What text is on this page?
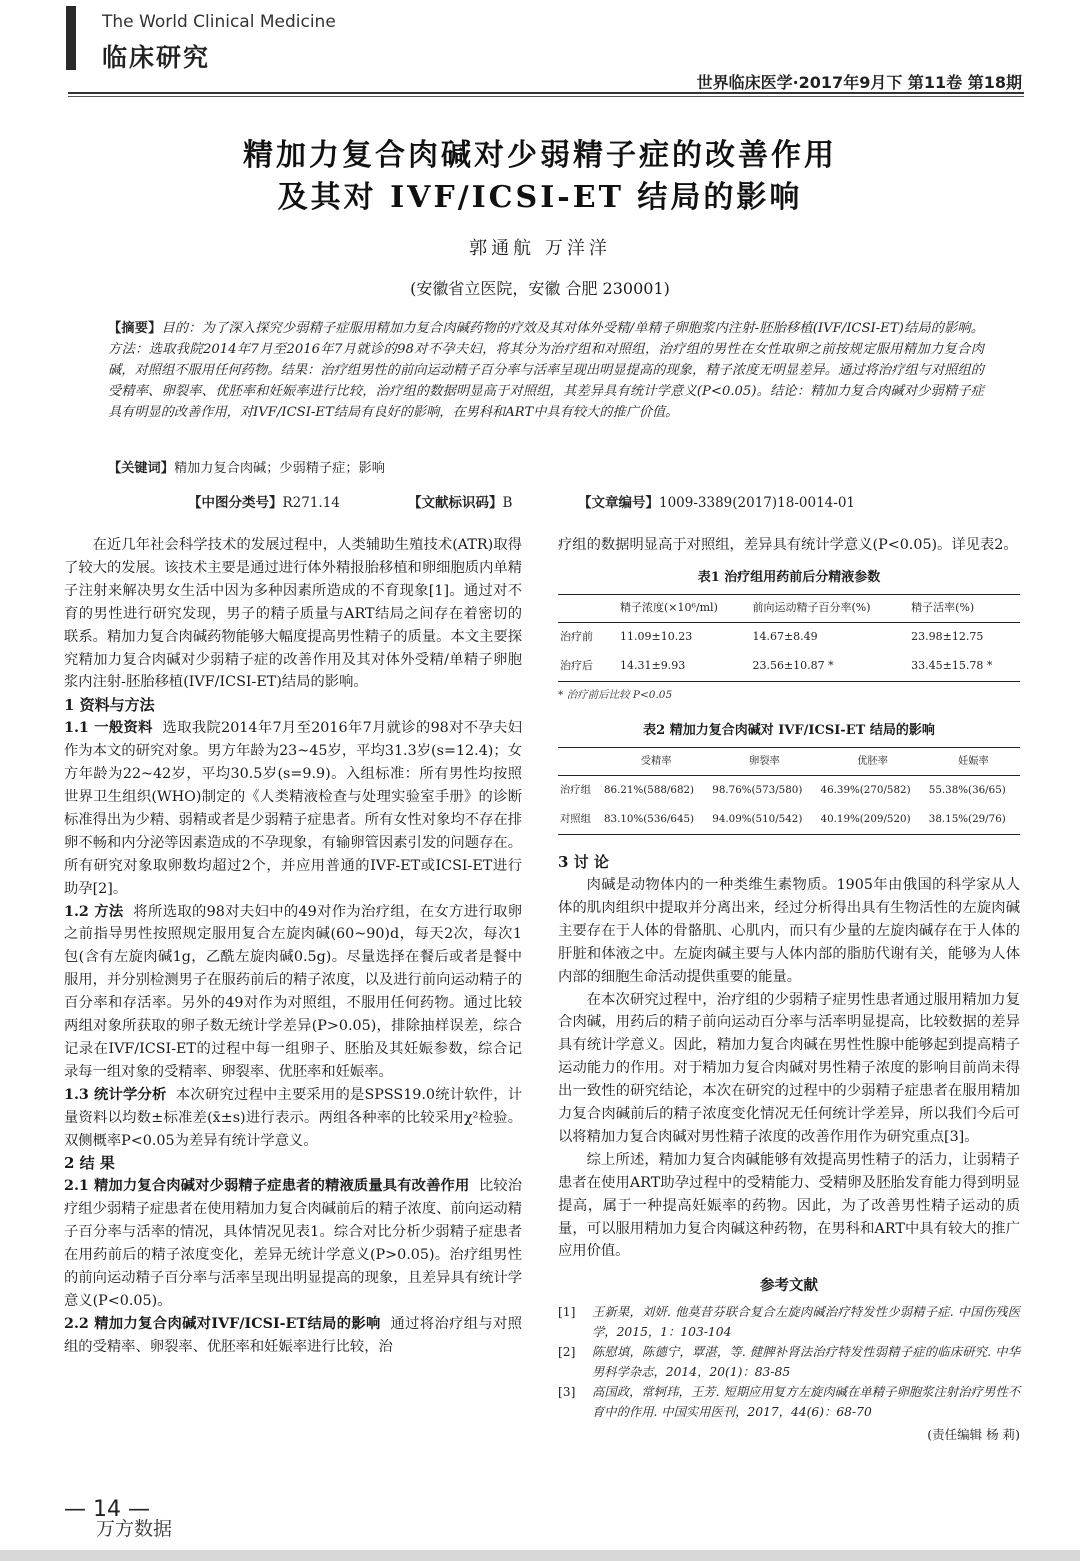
The World Clinical Medicine
临床研究
世界临床医学·2017年9月下 第11卷 第18期
精加力复合肉碱对少弱精子症的改善作用
及其对 IVF/ICSI-ET 结局的影响
郭通航 万洋洋
(安徽省立医院，安徽 合肥 230001)
【摘要】目的：为了深入探究少弱精子症服用精加力复合肉碱药物的疗效及其对体外受精/单精子卵胞浆内注射-胚胎移植(IVF/ICSI-ET)结局的影响。方法：选取我院2014年7月至2016年7月就诊的98对不孕夫妇，将其分为治疗组和对照组，治疗组的男性在女性取卵之前按规定服用精加力复合肉碱，对照组不服用任何药物。结果：治疗组男性的前向运动精子百分率与活率呈现出明显提高的现象，精子浓度无明显差异。通过将治疗组与对照组的受精率、卵裂率、优胚率和妊娠率进行比较，治疗组的数据明显高于对照组，其差异具有统计学意义(P<0.05)。结论：精加力复合肉碱对少弱精子症具有明显的改善作用，对IVF/ICSI-ET结局有良好的影响，在男科和ART中具有较大的推广价值。
【关键词】精加力复合肉碱；少弱精子症；影响
【中图分类号】R271.14	【文献标识码】B	【文章编号】1009-3389(2017)18-0014-01

在近几年社会科学技术的发展过程中，人类辅助生殖技术(ATR)取得了较大的发展。该技术主要是通过进行体外精报胎移植和卵细胞质内单精子注射来解决男女生活中因为多种因素所造成的不育现象[1]。通过对不育的男性进行研究发现，男子的精子质量与ART结局之间存在着密切的联系。精加力复合肉碱药物能够大幅度提高男性精子的质量。本文主要探究精加力复合肉碱对少弱精子症的改善作用及其对体外受精/单精子卵胞浆内注射-胚胎移植(IVF/ICSI-ET)结局的影响。

1 资料与方法

1.1 一般资料 选取我院2014年7月至2016年7月就诊的98对不孕夫妇作为本文的研究对象。男方年龄为23~45岁，平均31.3岁(s=12.4)；女方年龄为22~42岁，平均30.5岁(s=9.9)。入组标准：所有男性均按照世界卫生组织(WHO)制定的《人类精液检查与处理实验室手册》的诊断标准得出为少精、弱精或者是少弱精子症患者。所有女性对象均不存在排卵不畅和内分泌等因素造成的不孕现象，有输卵管因素引发的问题存在。所有研究对象取卵数均超过2个，并应用普通的IVF-ET或ICSI-ET进行助孕[2]。

1.2 方法 将所选取的98对夫妇中的49对作为治疗组，在女方进行取卵之前指导男性按照规定服用复合左旋肉碱(60~90)d，每天2次，每次1包(含有左旋肉碱1g，乙酰左旋肉碱0.5g)。尽量选择在餐后或者是餐中服用，并分别检测男子在服药前后的精子浓度，以及进行前向运动精子的百分率和存活率。另外的49对作为对照组，不服用任何药物。通过比较两组对象所获取的卵子数无统计学差异(P>0.05)，排除抽样误差，综合记录在IVF/ICSI-ET的过程中每一组卵子、胚胎及其妊娠参数，综合记录每一组对象的受精率、卵裂率、优胚率和妊娠率。

1.3 统计学分析 本次研究过程中主要采用的是SPSS19.0统计软件，计量资料以均数±标准差(x̄±s)进行表示。两组各种率的比较采用χ²检验。双侧概率P<0.05为差异有统计学意义。

2 结 果

2.1 精加力复合肉碱对少弱精子症患者的精液质量具有改善作用 比较治疗组少弱精子症患者在使用精加力复合肉碱前后的精子浓度、前向运动精子百分率与活率的情况，具体情况见表1。综合对比分析少弱精子症患者在用药前后的精子浓度变化，差异无统计学意义(P>0.05)。治疗组男性的前向运动精子百分率与活率呈现出明显提高的现象，且差异具有统计学意义(P<0.05)。

2.2 精加力复合肉碱对IVF/ICSI-ET结局的影响 通过将治疗组与对照组的受精率、卵裂率、优胚率和妊娠率进行比较，治

疗组的数据明显高于对照组，差异具有统计学意义(P<0.05)。详见表2。

表1 治疗组用药前后分精液参数
	精子浓度(×10⁶/ml)	前向运动精子百分率(%)	精子活率(%)
治疗前	11.09±10.23	14.67±8.49	23.98±12.75
治疗后	14.31±9.93	23.56±10.87 *	33.45±15.78 *
* 治疗前后比较 P<0.05
表2 精加力复合肉碱对 IVF/ICSI-ET 结局的影响
	受精率	卵裂率	优胚率	妊娠率
治疗组	86.21%(588/682)	98.76%(573/580)	46.39%(270/582)	55.38%(36/65)
对照组	83.10%(536/645)	94.09%(510/542)	40.19%(209/520)	38.15%(29/76)

3 讨 论

肉碱是动物体内的一种类维生素物质。1905年由俄国的科学家从人体的肌肉组织中提取并分离出来，经过分析得出具有生物活性的左旋肉碱主要存在于人体的骨骼肌、心肌内，而只有少量的左旋肉碱存在于人体的肝脏和体液之中。左旋肉碱主要与人体内部的脂肪代谢有关，能够为人体内部的细胞生命活动提供重要的能量。

在本次研究过程中，治疗组的少弱精子症男性患者通过服用精加力复合肉碱，用药后的精子前向运动百分率与活率明显提高，比较数据的差异具有统计学意义。因此，精加力复合肉碱在男性性腺中能够起到提高精子运动能力的作用。对于精加力复合肉碱对男性精子浓度的影响目前尚未得出一致性的研究结论，本次在研究的过程中的少弱精子症患者在服用精加力复合肉碱前后的精子浓度变化情况无任何统计学差异，所以我们今后可以将精加力复合肉碱对男性精子浓度的改善作用作为研究重点[3]。

综上所述，精加力复合肉碱能够有效提高男性精子的活力，让弱精子患者在使用ART助孕过程中的受精能力、受精卵及胚胎发育能力得到明显提高，属于一种提高妊娠率的药物。因此，为了改善男性精子运动的质量，可以服用精加力复合肉碱这种药物，在男科和ART中具有较大的推广应用价值。

参考文献
[1]	王新果，刘妍. 他莫昔芬联合复合左旋肉碱治疗特发性少弱精子症. 中国伤残医学，2015，1：103-104
[2]	陈慰填，陈德宁，覃湛，等. 健脾补肾法治疗特发性弱精子症的临床研究. 中华男科学杂志，2014，20(1)：83-85
[3]	高国政，常轲玮，王芳. 短期应用复方左旋肉碱在单精子卵胞浆注射治疗男性不育中的作用. 中国实用医刊，2017，44(6)：68-70
(责任编辑 杨 莉)
— 14 —
万方数据
